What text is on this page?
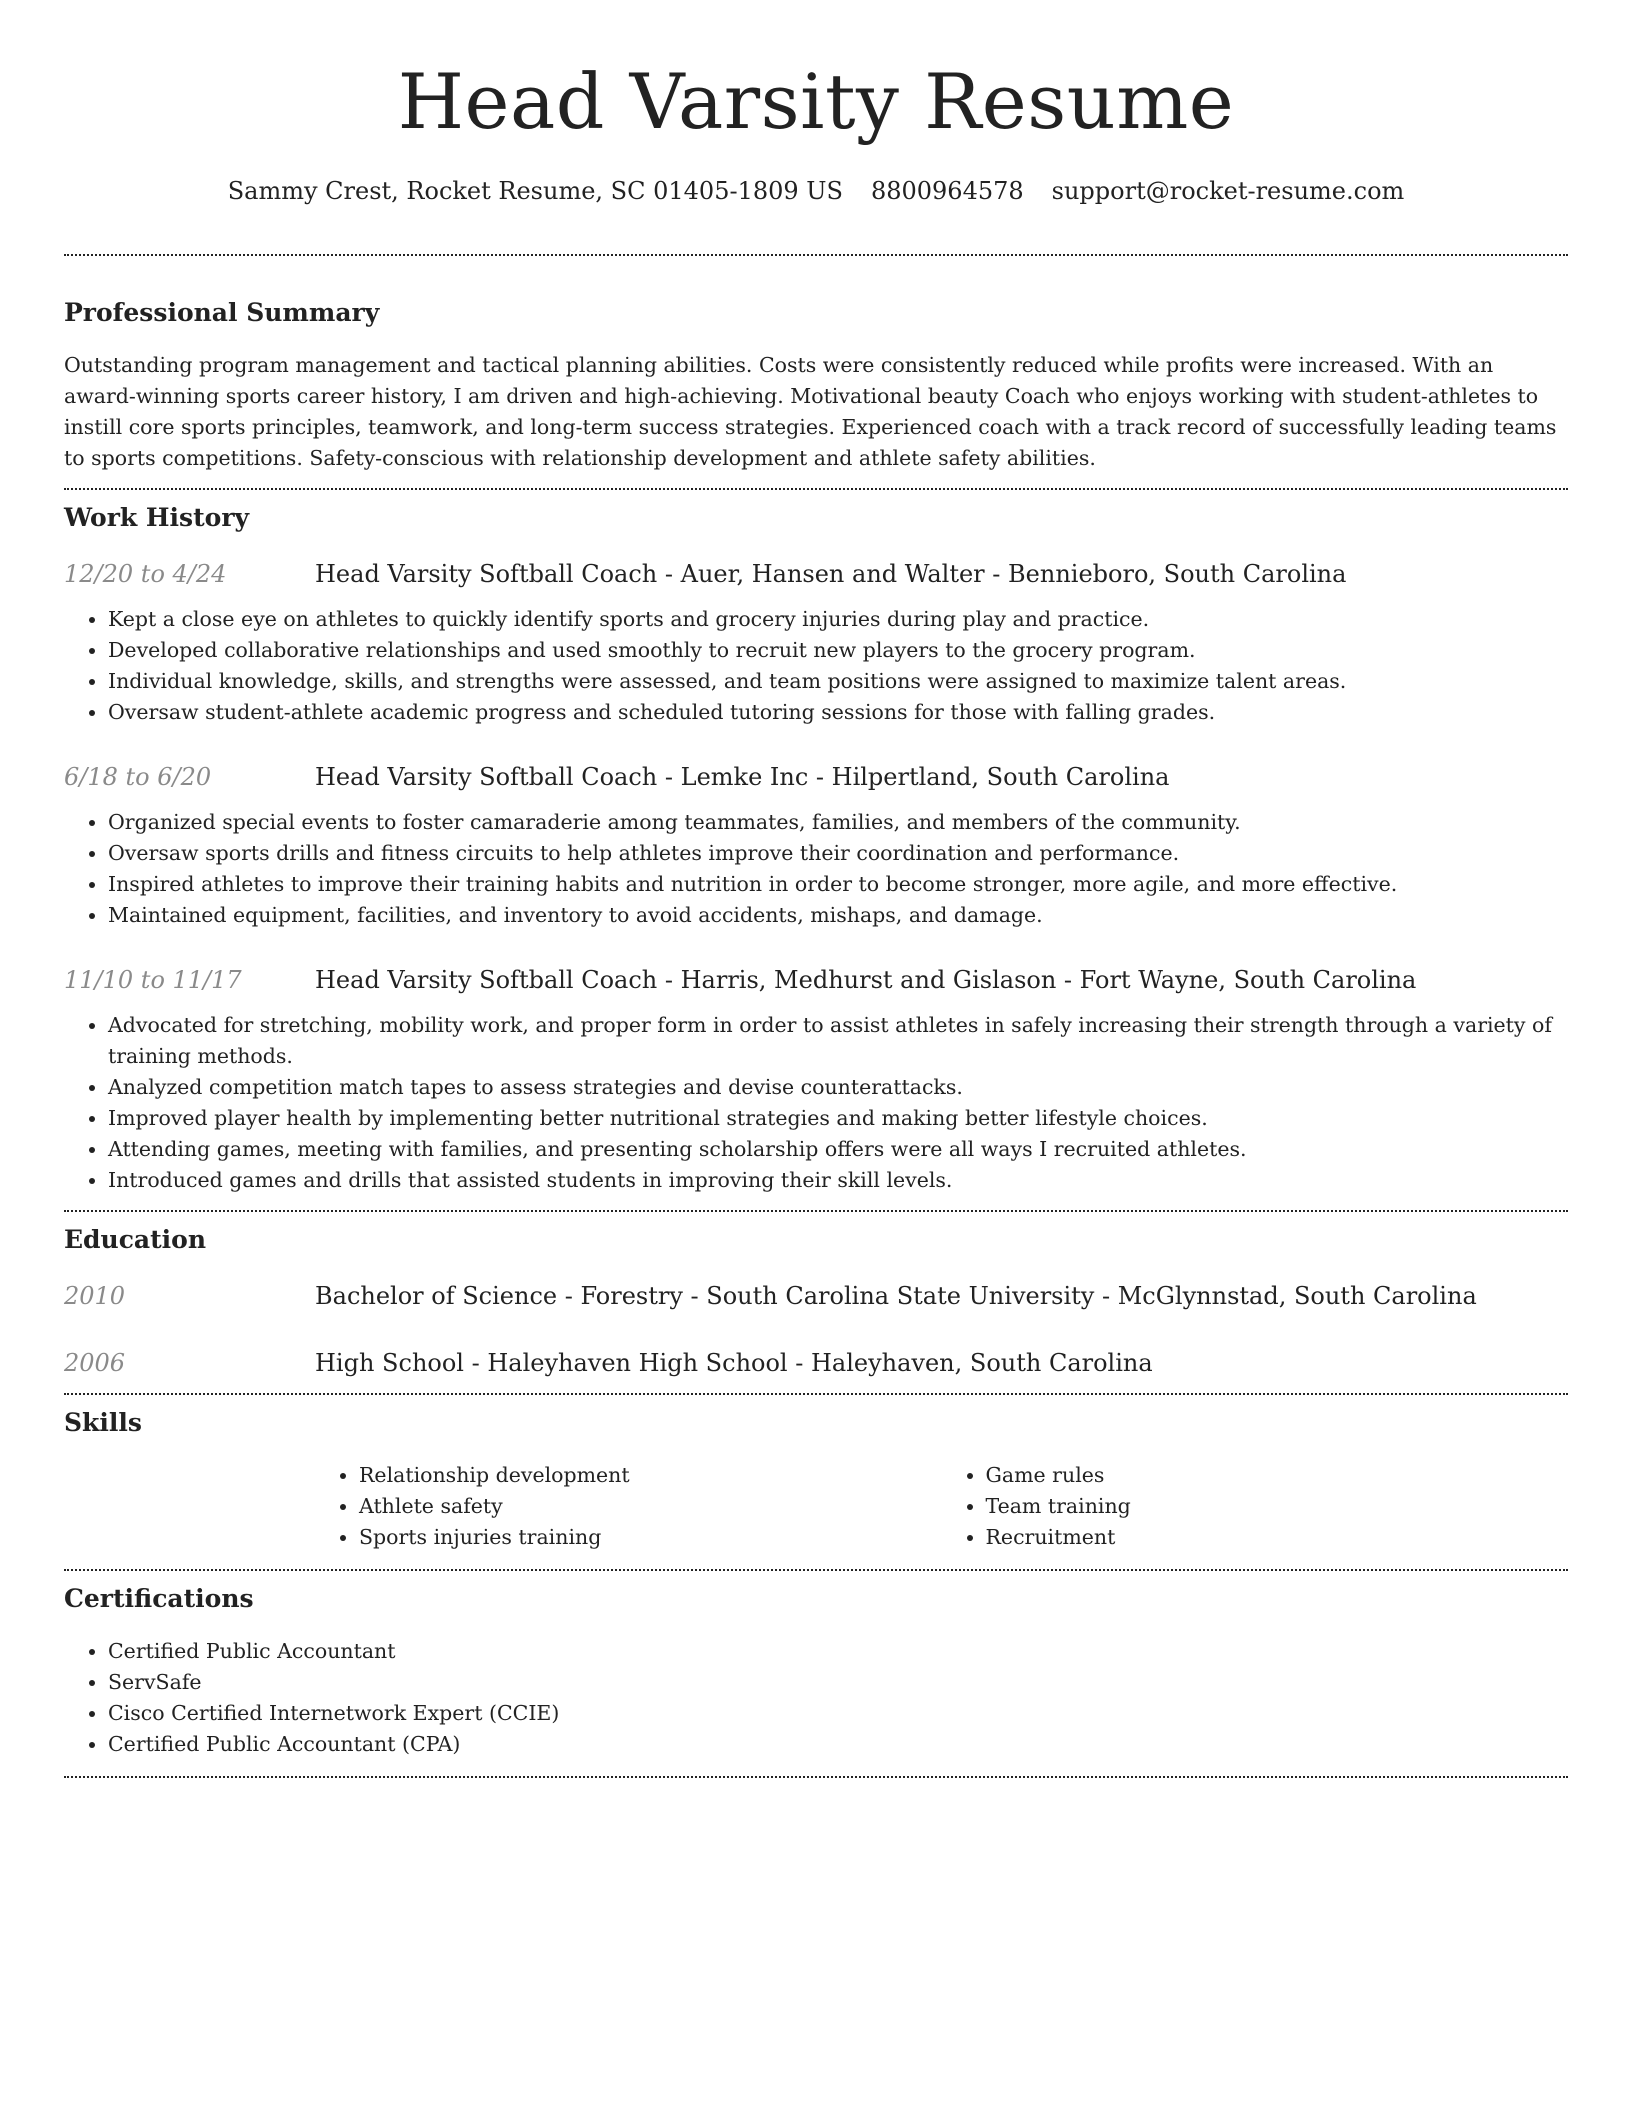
Head Varsity Resume
Sammy Crest, Rocket Resume, SC 01405-1809 US 8800964578 support@rocket-resume.com
Professional Summary

Outstanding program management and tactical planning abilities. Costs were consistently reduced while profits were increased. With an award-winning sports career history, I am driven and high-achieving. Motivational beauty Coach who enjoys working with student-athletes to instill core sports principles, teamwork, and long-term success strategies. Experienced coach with a track record of successfully leading teams to sports competitions. Safety-conscious with relationship development and athlete safety abilities.

Work History
12/20 to 4/24	Head Varsity Softball Coach - Auer, Hansen and Walter - Bennieboro, South Carolina
• Kept a close eye on athletes to quickly identify sports and grocery injuries during play and practice.
• Developed collaborative relationships and used smoothly to recruit new players to the grocery program.
• Individual knowledge, skills, and strengths were assessed, and team positions were assigned to maximize talent areas.
• Oversaw student-athlete academic progress and scheduled tutoring sessions for those with falling grades.
6/18 to 6/20	Head Varsity Softball Coach - Lemke Inc - Hilpertland, South Carolina
• Organized special events to foster camaraderie among teammates, families, and members of the community.
• Oversaw sports drills and fitness circuits to help athletes improve their coordination and performance.
• Inspired athletes to improve their training habits and nutrition in order to become stronger, more agile, and more effective.
• Maintained equipment, facilities, and inventory to avoid accidents, mishaps, and damage.
11/10 to 11/17	Head Varsity Softball Coach - Harris, Medhurst and Gislason - Fort Wayne, South Carolina
• Advocated for stretching, mobility work, and proper form in order to assist athletes in safely increasing their strength through a variety of training methods.
• Analyzed competition match tapes to assess strategies and devise counterattacks.
• Improved player health by implementing better nutritional strategies and making better lifestyle choices.
• Attending games, meeting with families, and presenting scholarship offers were all ways I recruited athletes.
• Introduced games and drills that assisted students in improving their skill levels.
Education
2010	Bachelor of Science - Forestry - South Carolina State University - McGlynnstad, South Carolina
2006	High School - Haleyhaven High School - Haleyhaven, South Carolina
Skills
• Relationship development
• Athlete safety
• Sports injuries training
• Game rules
• Team training
• Recruitment
Certifications
• Certified Public Accountant
• ServSafe
• Cisco Certified Internetwork Expert (CCIE)
• Certified Public Accountant (CPA)
